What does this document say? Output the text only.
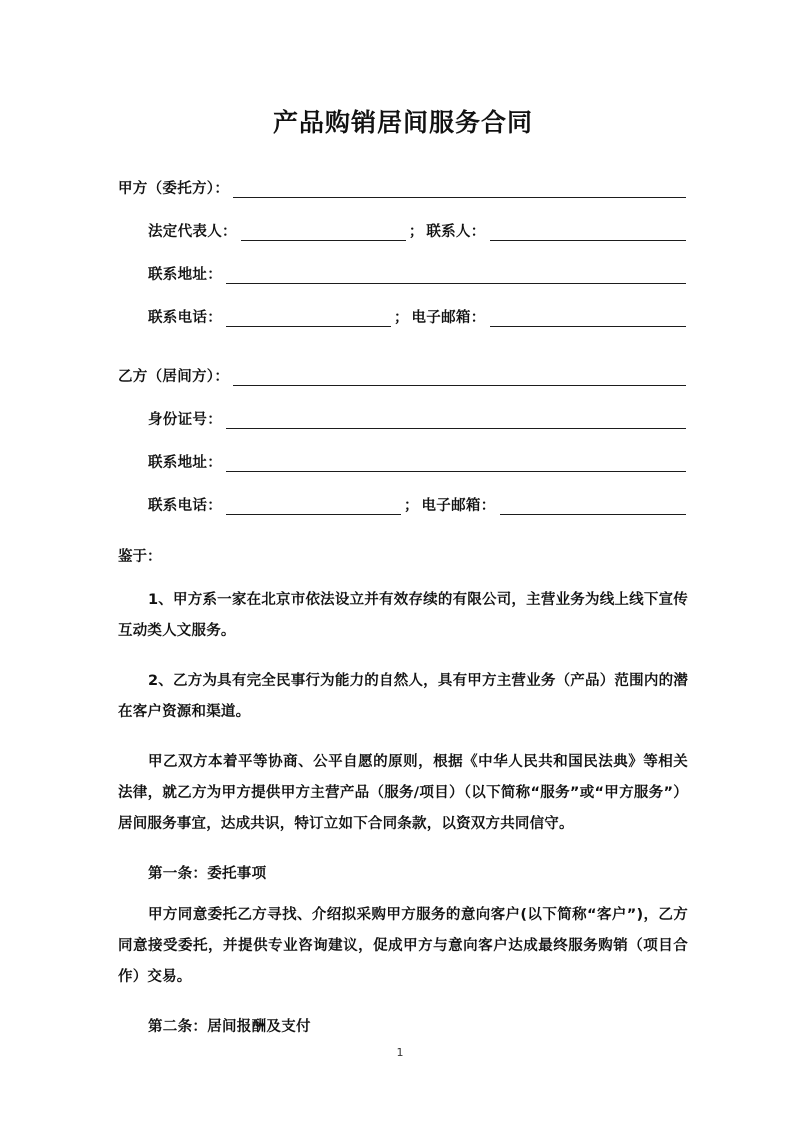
产品购销居间服务合同
甲方（委托方）：
法定代表人：	； 联系人：
联系地址：
联系电话：	； 电子邮箱：
乙方（居间方）：
身份证号：
联系地址：
联系电话：	； 电子邮箱：
鉴于：

1、甲方系一家在北京市依法设立并有效存续的有限公司，主营业务为线上线下宣传互动类人文服务。

2、乙方为具有完全民事行为能力的自然人，具有甲方主营业务（产品）范围内的潜在客户资源和渠道。

甲乙双方本着平等协商、公平自愿的原则，根据《中华人民共和国民法典》等相关法律，就乙方为甲方提供甲方主营产品（服务/项目）（以下简称“服务”或“甲方服务”）居间服务事宜，达成共识，特订立如下合同条款，以资双方共同信守。

第一条：委托事项

甲方同意委托乙方寻找、介绍拟采购甲方服务的意向客户(以下简称“客户”)，乙方同意接受委托，并提供专业咨询建议，促成甲方与意向客户达成最终服务购销（项目合作）交易。

第二条：居间报酬及支付
1
